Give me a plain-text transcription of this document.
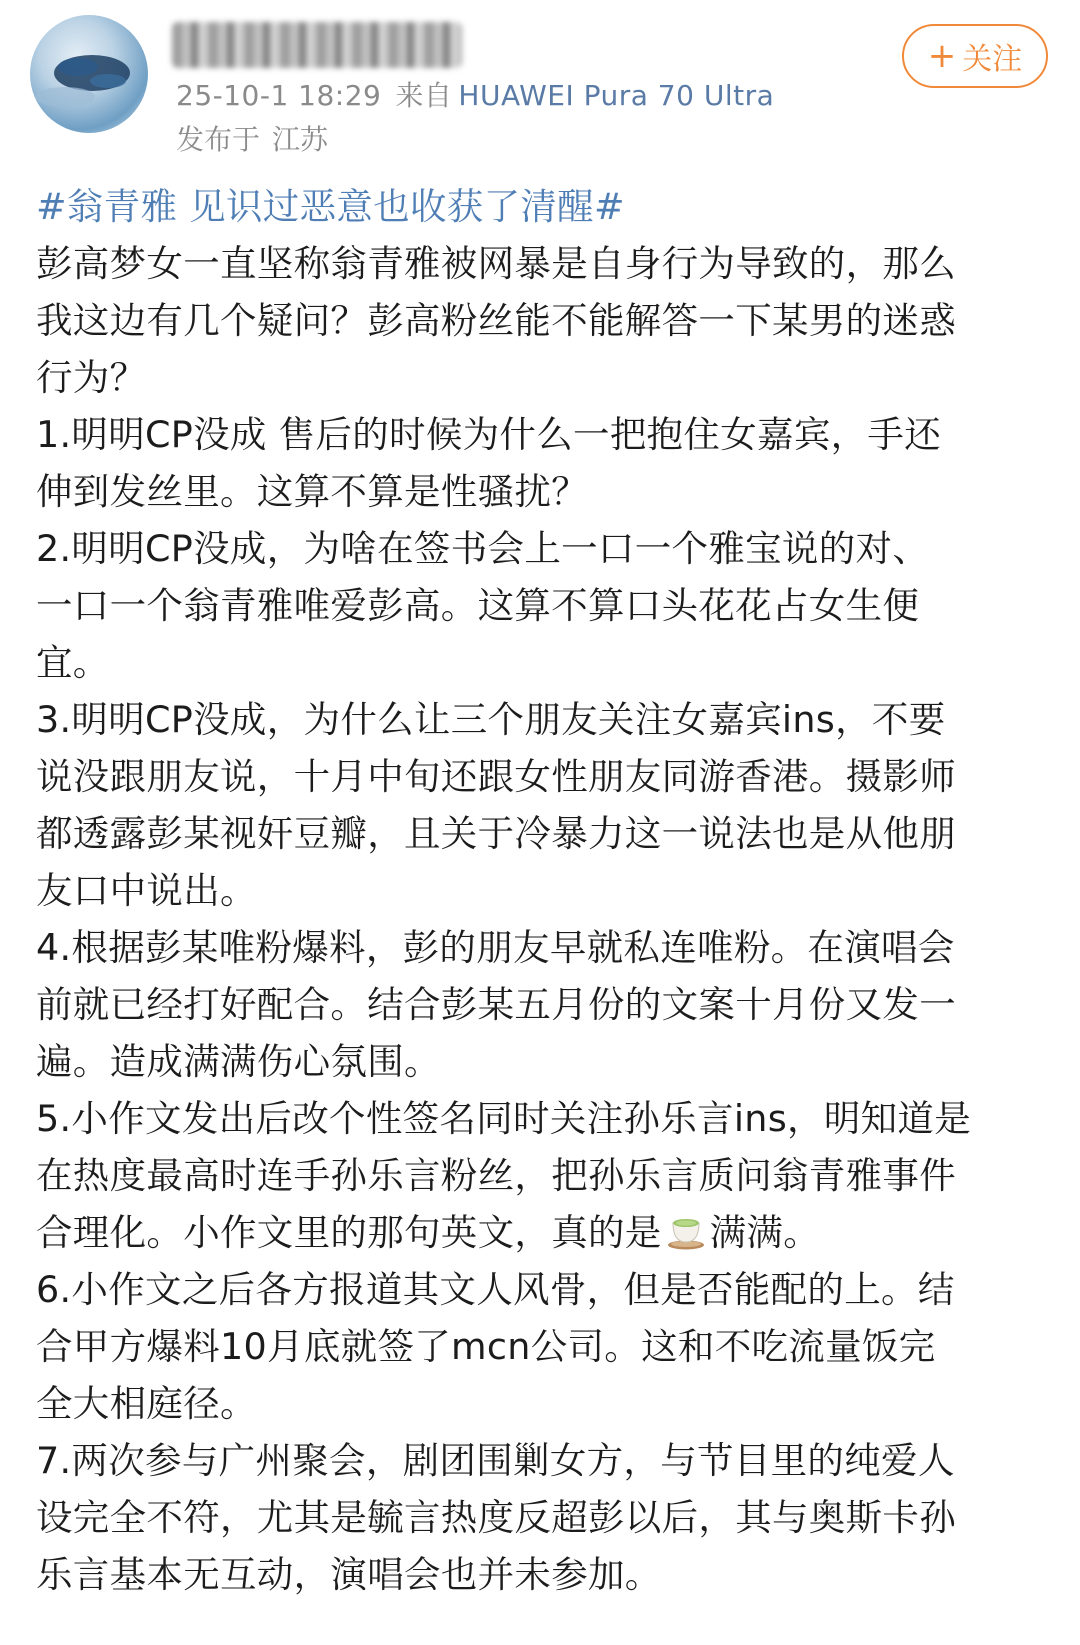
25-10-1 18:29 来自 HUAWEI Pura 70 Ultra
发布于 江苏
+ 关注

#翁青雅 见识过恶意也收获了清醒#

彭高梦女一直坚称翁青雅被网暴是自身行为导致的，那么
我这边有几个疑问？彭高粉丝能不能解答一下某男的迷惑
行为？

1.明明CP没成 售后的时候为什么一把抱住女嘉宾，手还
伸到发丝里。这算不算是性骚扰？

2.明明CP没成，为啥在签书会上一口一个雅宝说的对、
一口一个翁青雅唯爱彭高。这算不算口头花花占女生便
宜。

3.明明CP没成，为什么让三个朋友关注女嘉宾ins，不要
说没跟朋友说，十月中旬还跟女性朋友同游香港。摄影师
都透露彭某视奸豆瓣，且关于冷暴力这一说法也是从他朋
友口中说出。

4.根据彭某唯粉爆料，彭的朋友早就私连唯粉。在演唱会
前就已经打好配合。结合彭某五月份的文案十月份又发一
遍。造成满满伤心氛围。

5.小作文发出后改个性签名同时关注孙乐言ins，明知道是
在热度最高时连手孙乐言粉丝，把孙乐言质问翁青雅事件
合理化。小作文里的那句英文，真的是 满满。

6.小作文之后各方报道其文人风骨，但是否能配的上。结
合甲方爆料10月底就签了mcn公司。这和不吃流量饭完
全大相庭径。

7.两次参与广州聚会，剧团围剿女方，与节目里的纯爱人
设完全不符，尤其是毓言热度反超彭以后，其与奥斯卡孙
乐言基本无互动，演唱会也并未参加。
